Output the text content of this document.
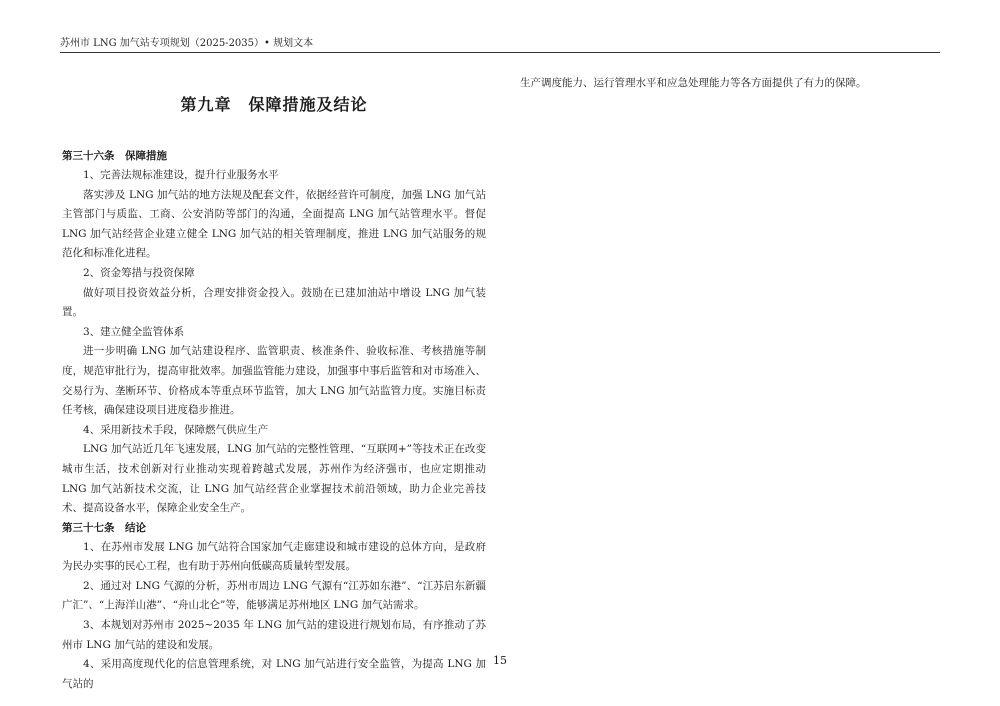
苏州市 LNG 加气站专项规划（2025-2035）• 规划文本
第九章　保障措施及结论
第三十六条　保障措施

1、完善法规标准建设，提升行业服务水平

落实涉及 LNG 加气站的地方法规及配套文件，依据经营许可制度，加强 LNG 加气站主管部门与质监、工商、公安消防等部门的沟通，全面提高 LNG 加气站管理水平。督促 LNG 加气站经营企业建立健全 LNG 加气站的相关管理制度，推进 LNG 加气站服务的规范化和标准化进程。

2、资金筹措与投资保障

做好项目投资效益分析，合理安排资金投入。鼓励在已建加油站中增设 LNG 加气装置。

3、建立健全监管体系

进一步明确 LNG 加气站建设程序、监管职责、核准条件、验收标准、考核措施等制度，规范审批行为，提高审批效率。加强监管能力建设，加强事中事后监管和对市场准入、交易行为、垄断环节、价格成本等重点环节监管，加大 LNG 加气站监管力度。实施目标责任考核，确保建设项目进度稳步推进。

4、采用新技术手段，保障燃气供应生产

LNG 加气站近几年飞速发展，LNG 加气站的完整性管理、“互联网+”等技术正在改变城市生活，技术创新对行业推动实现着跨越式发展，苏州作为经济强市，也应定期推动 LNG 加气站新技术交流，让 LNG 加气站经营企业掌握技术前沿领域，助力企业完善技术、提高设备水平，保障企业安全生产。

第三十七条　结论

1、在苏州市发展 LNG 加气站符合国家加气走廊建设和城市建设的总体方向，是政府为民办实事的民心工程，也有助于苏州向低碳高质量转型发展。

2、通过对 LNG 气源的分析，苏州市周边 LNG 气源有“江苏如东港”、“江苏启东新疆广汇”、“上海洋山港”、“舟山北仑”等，能够满足苏州地区 LNG 加气站需求。

3、本规划对苏州市 2025~2035 年 LNG 加气站的建设进行规划布局，有序推动了苏州市 LNG 加气站的建设和发展。

4、采用高度现代化的信息管理系统，对 LNG 加气站进行安全监管，为提高 LNG 加气站的

生产调度能力、运行管理水平和应急处理能力等各方面提供了有力的保障。

15
